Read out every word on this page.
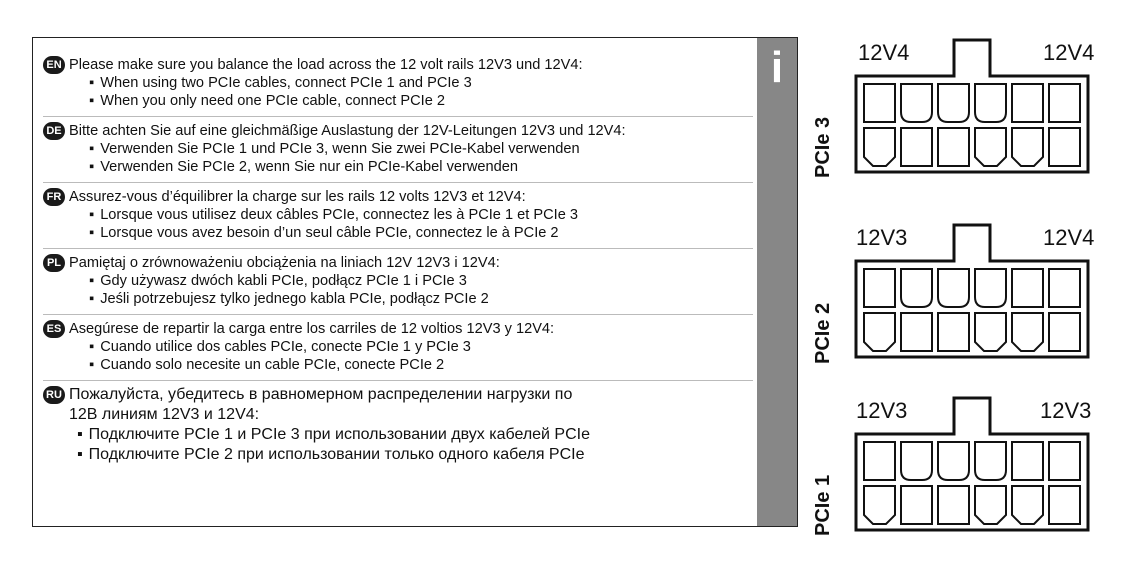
i
EN Please make sure you balance the load across the 12 volt rails 12V3 und 12V4:
▪ When using two PCIe cables, connect PCIe 1 and PCIe 3
▪ When you only need one PCIe cable, connect PCIe 2
DE Bitte achten Sie auf eine gleichmäßige Auslastung der 12V-Leitungen 12V3 und 12V4:
▪ Verwenden Sie PCIe 1 und PCIe 3, wenn Sie zwei PCIe-Kabel verwenden
▪ Verwenden Sie PCIe 2, wenn Sie nur ein PCIe-Kabel verwenden
FR Assurez-vous d’équilibrer la charge sur les rails 12 volts 12V3 et 12V4:
▪ Lorsque vous utilisez deux câbles PCIe, connectez les à PCIe 1 et PCIe 3
▪ Lorsque vous avez besoin d’un seul câble PCIe, connectez le à PCIe 2
PL Pamiętaj o zrównoważeniu obciążenia na liniach 12V 12V3 i 12V4:
▪ Gdy używasz dwóch kabli PCIe, podłącz PCIe 1 i PCIe 3
▪ Jeśli potrzebujesz tylko jednego kabla PCIe, podłącz PCIe 2
ES Asegúrese de repartir la carga entre los carriles de 12 voltios 12V3 y 12V4:
▪ Cuando utilice dos cables PCIe, conecte PCIe 1 y PCIe 3
▪ Cuando solo necesite un cable PCIe, conecte PCIe 2
RU Пожалуйста, убедитесь в равномерном распределении нагрузки по
12В линиям 12V3 и 12V4:
▪ Подключите PCIe 1 и PCIe 3 при использовании двух кабелей PCIe
▪ Подключите PCIe 2 при использовании только одного кабеля PCIe
PCIe 3
12V4	12V4
PCIe 2
12V3	12V4
PCIe 1
12V3	12V3
